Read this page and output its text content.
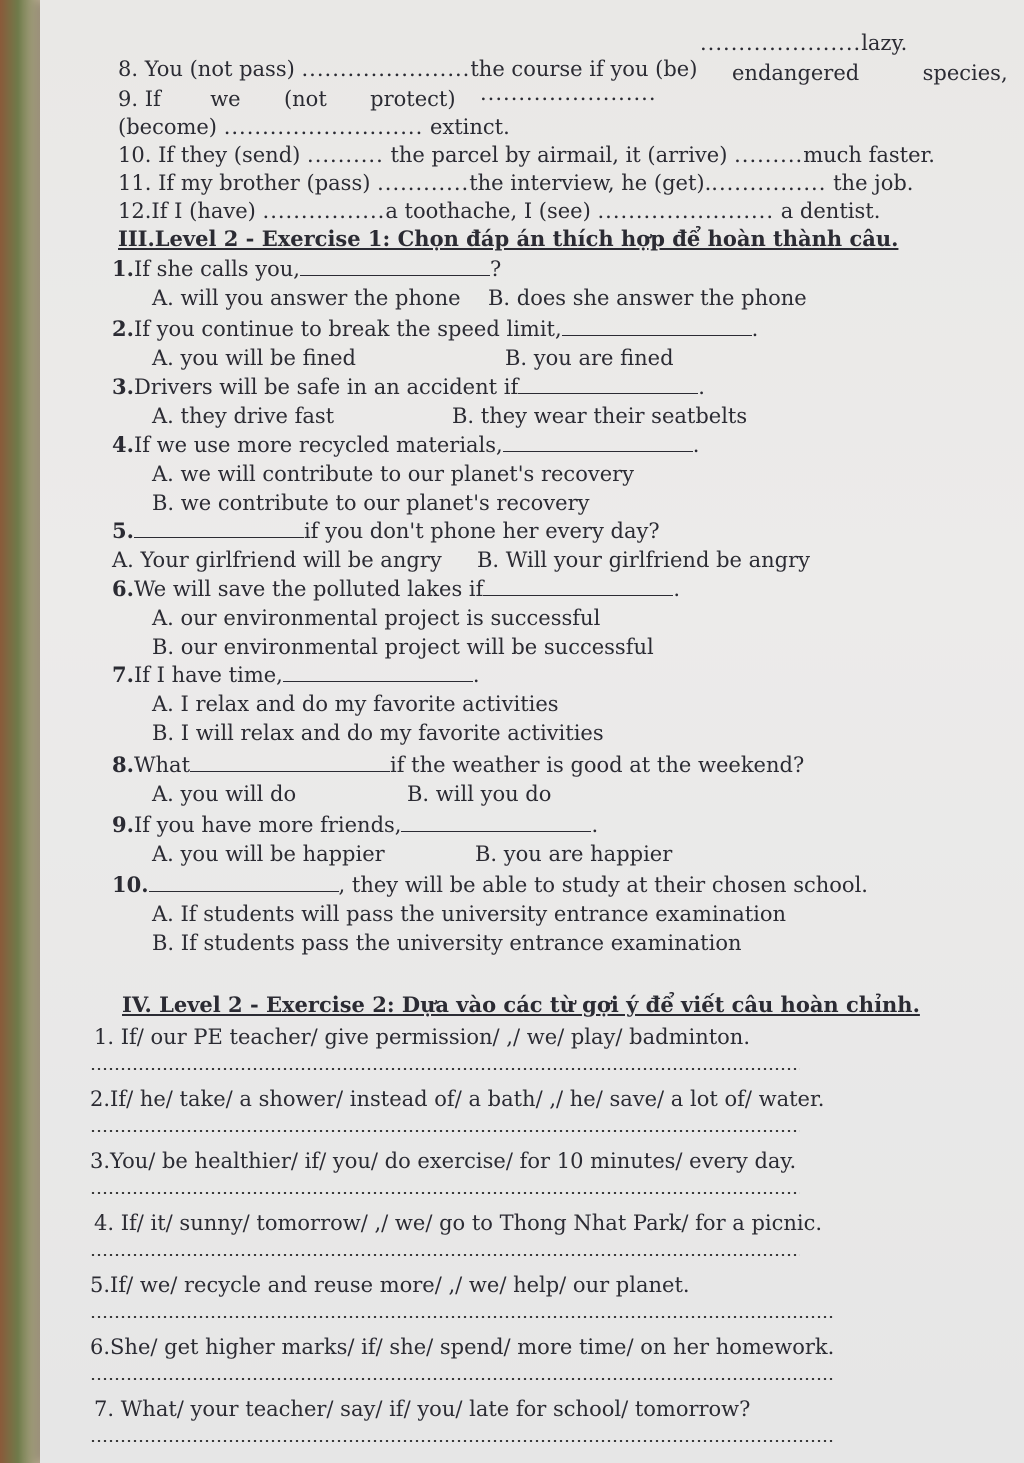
8. You (not pass) ......................the course if you (be)
.....................lazy.
9. If we (not protect) .......................
endangered	species,
(become) .......................... extinct.
10. If they (send) .......... the parcel by airmail, it (arrive) .........much faster.
11. If my brother (pass) ............the interview, he (get)................ the job.
12.If I (have) ................a toothache, I (see) ....................... a dentist.
III.Level 2 - Exercise 1: Chọn đáp án thích hợp để hoàn thành câu.
1.If she calls you,	?
A. will you answer the phone B. does she answer the phone
2.If you continue to break the speed limit,	.
A. you will be fined	B. you are fined
3.Drivers will be safe in an accident if	.
A. they drive fast	B. they wear their seatbelts
4.If we use more recycled materials,	.
A. we will contribute to our planet's recovery
B. we contribute to our planet's recovery
5.	if you don't phone her every day?
A. Your girlfriend will be angry B. Will your girlfriend be angry
6.We will save the polluted lakes if	.
A. our environmental project is successful
B. our environmental project will be successful
7.If I have time,	.
A. I relax and do my favorite activities
B. I will relax and do my favorite activities
8.What	if the weather is good at the weekend?
A. you will do	B. will you do
9.If you have more friends,	.
A. you will be happier	B. you are happier
10.	, they will be able to study at their chosen school.
A. If students will pass the university entrance examination
B. If students pass the university entrance examination
IV. Level 2 - Exercise 2: Dựa vào các từ gợi ý để viết câu hoàn chỉnh.
1. If/ our PE teacher/ give permission/ ,/ we/ play/ badminton.
2.If/ he/ take/ a shower/ instead of/ a bath/ ,/ he/ save/ a lot of/ water.
3.You/ be healthier/ if/ you/ do exercise/ for 10 minutes/ every day.
4. If/ it/ sunny/ tomorrow/ ,/ we/ go to Thong Nhat Park/ for a picnic.
5.If/ we/ recycle and reuse more/ ,/ we/ help/ our planet.
6.She/ get higher marks/ if/ she/ spend/ more time/ on her homework.
7. What/ your teacher/ say/ if/ you/ late for school/ tomorrow?
